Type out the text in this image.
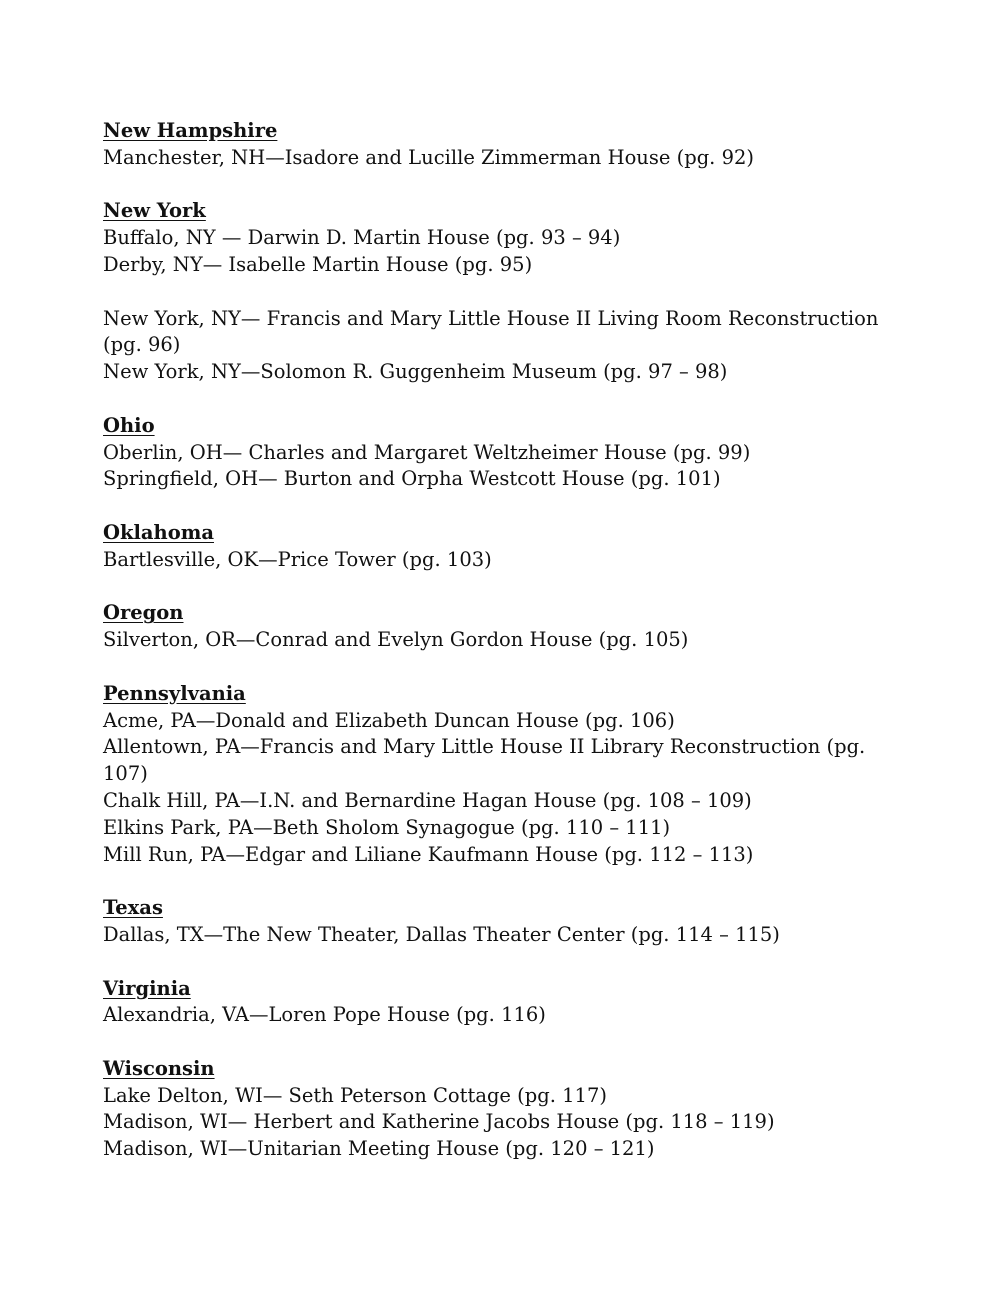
New Hampshire
Manchester, NH—Isadore and Lucille Zimmerman House (pg. 92)
New York
Buffalo, NY — Darwin D. Martin House (pg. 93 – 94)
Derby, NY— Isabelle Martin House (pg. 95)
New York, NY— Francis and Mary Little House II Living Room Reconstruction (pg. 96)
New York, NY—Solomon R. Guggenheim Museum (pg. 97 – 98)
Ohio
Oberlin, OH— Charles and Margaret Weltzheimer House (pg. 99)
Springfield, OH— Burton and Orpha Westcott House (pg. 101)
Oklahoma
Bartlesville, OK—Price Tower (pg. 103)
Oregon
Silverton, OR—Conrad and Evelyn Gordon House (pg. 105)
Pennsylvania
Acme, PA—Donald and Elizabeth Duncan House (pg. 106)
Allentown, PA—Francis and Mary Little House II Library Reconstruction (pg. 107)
Chalk Hill, PA—I.N. and Bernardine Hagan House (pg. 108 – 109)
Elkins Park, PA—Beth Sholom Synagogue (pg. 110 – 111)
Mill Run, PA—Edgar and Liliane Kaufmann House (pg. 112 – 113)
Texas
Dallas, TX—The New Theater, Dallas Theater Center (pg. 114 – 115)
Virginia
Alexandria, VA—Loren Pope House (pg. 116)
Wisconsin
Lake Delton, WI— Seth Peterson Cottage (pg. 117)
Madison, WI— Herbert and Katherine Jacobs House (pg. 118 – 119)
Madison, WI—Unitarian Meeting House (pg. 120 – 121)
